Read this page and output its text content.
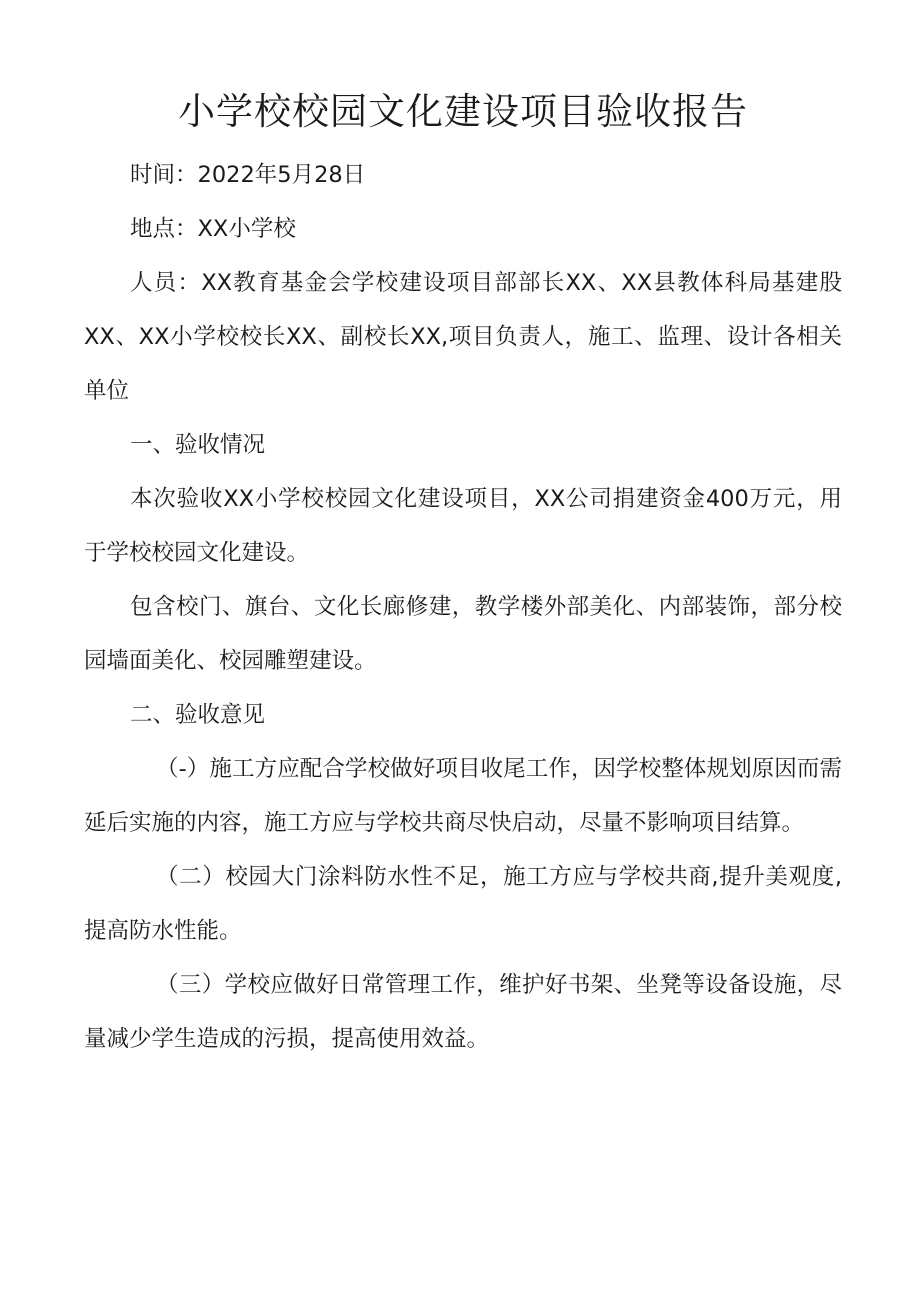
小学校校园文化建设项目验收报告

时间：2022年5月28日

地点：XX小学校

人员：XX教育基金会学校建设项目部部长XX、XX县教体科局基建股XX、XX小学校校长XX、副校长XX,项目负责人，施工、监理、设计各相关单位

一、验收情况

本次验收XX小学校校园文化建设项目，XX公司捐建资金400万元，用于学校校园文化建设。

包含校门、旗台、文化长廊修建，教学楼外部美化、内部装饰，部分校园墙面美化、校园雕塑建设。

二、验收意见

（-）施工方应配合学校做好项目收尾工作，因学校整体规划原因而需延后实施的内容，施工方应与学校共商尽快启动，尽量不影响项目结算。

（二）校园大门涂料防水性不足，施工方应与学校共商,提升美观度,提高防水性能。

（三）学校应做好日常管理工作，维护好书架、坐凳等设备设施，尽量减少学生造成的污损，提高使用效益。
